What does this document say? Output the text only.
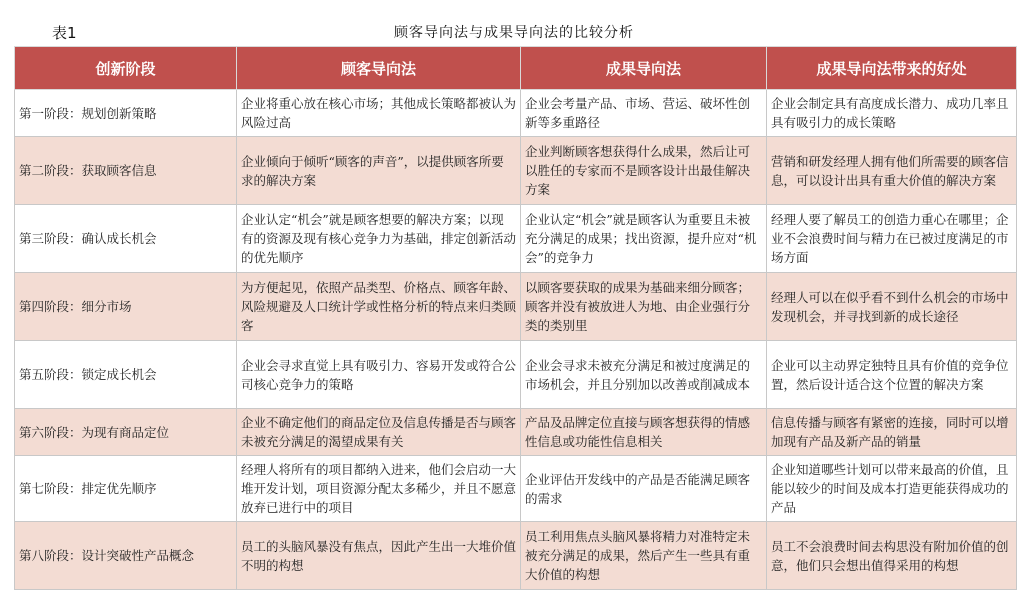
表1	顾客导向法与成果导向法的比较分析
创新阶段	顾客导向法	成果导向法	成果导向法带来的好处
第一阶段：规划创新策略	企业将重心放在核心市场；其他成长策略都被认为风险过高	企业会考量产品、市场、营运、破坏性创新等多重路径	企业会制定具有高度成长潜力、成功几率且具有吸引力的成长策略
第二阶段：获取顾客信息	企业倾向于倾听“顾客的声音”，以提供顾客所要求的解决方案	企业判断顾客想获得什么成果，然后让可以胜任的专家而不是顾客设计出最佳解决方案	营销和研发经理人拥有他们所需要的顾客信息，可以设计出具有重大价值的解决方案
第三阶段：确认成长机会	企业认定“机会”就是顾客想要的解决方案；以现有的资源及现有核心竞争力为基础，排定创新活动的优先顺序	企业认定“机会”就是顾客认为重要且未被充分满足的成果；找出资源，提升应对“机会”的竞争力	经理人要了解员工的创造力重心在哪里；企业不会浪费时间与精力在已被过度满足的市场方面
第四阶段：细分市场	为方便起见，依照产品类型、价格点、顾客年龄、风险规避及人口统计学或性格分析的特点来归类顾客	以顾客要获取的成果为基础来细分顾客；顾客并没有被放进人为地、由企业强行分类的类别里	经理人可以在似乎看不到什么机会的市场中发现机会，并寻找到新的成长途径
第五阶段：锁定成长机会	企业会寻求直觉上具有吸引力、容易开发或符合公司核心竞争力的策略	企业会寻求未被充分满足和被过度满足的市场机会，并且分别加以改善或削减成本	企业可以主动界定独特且具有价值的竞争位置，然后设计适合这个位置的解决方案
第六阶段：为现有商品定位	企业不确定他们的商品定位及信息传播是否与顾客未被充分满足的渴望成果有关	产品及品牌定位直接与顾客想获得的情感性信息或功能性信息相关	信息传播与顾客有紧密的连接，同时可以增加现有产品及新产品的销量
第七阶段：排定优先顺序	经理人将所有的项目都纳入进来，他们会启动一大堆开发计划，项目资源分配太多稀少，并且不愿意放弃已进行中的项目	企业评估开发线中的产品是否能满足顾客的需求	企业知道哪些计划可以带来最高的价值，且能以较少的时间及成本打造更能获得成功的产品
第八阶段：设计突破性产品概念	员工的头脑风暴没有焦点，因此产生出一大堆价值不明的构想	员工利用焦点头脑风暴将精力对准特定未被充分满足的成果，然后产生一些具有重大价值的构想	员工不会浪费时间去构思没有附加价值的创意，他们只会想出值得采用的构想
